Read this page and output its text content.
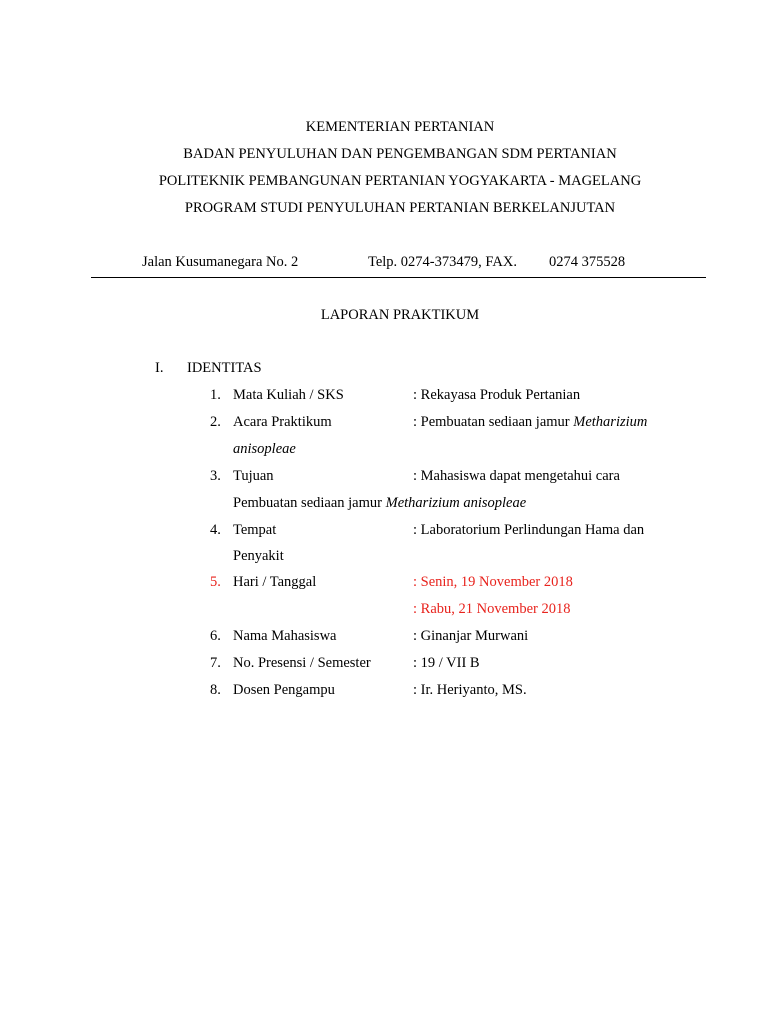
KEMENTERIAN PERTANIAN
BADAN PENYULUHAN DAN PENGEMBANGAN SDM PERTANIAN
POLITEKNIK PEMBANGUNAN PERTANIAN YOGYAKARTA - MAGELANG
PROGRAM STUDI PENYULUHAN PERTANIAN BERKELANJUTAN
Jalan Kusumanegara No. 2	Telp. 0274-373479, FAX. 0274 375528
LAPORAN PRAKTIKUM
I. IDENTITAS
1. Mata Kuliah / SKS	: Rekayasa Produk Pertanian
2. Acara Praktikum	: Pembuatan sediaan jamur Metharizium
anisopleae
3. Tujuan	: Mahasiswa dapat mengetahui cara
Pembuatan sediaan jamur Metharizium anisopleae
4. Tempat	: Laboratorium Perlindungan Hama dan
Penyakit
5. Hari / Tanggal	: Senin, 19 November 2018
: Rabu, 21 November 2018
6. Nama Mahasiswa	: Ginanjar Murwani
7. No. Presensi / Semester	: 19 / VII B
8. Dosen Pengampu	: Ir. Heriyanto, MS.
